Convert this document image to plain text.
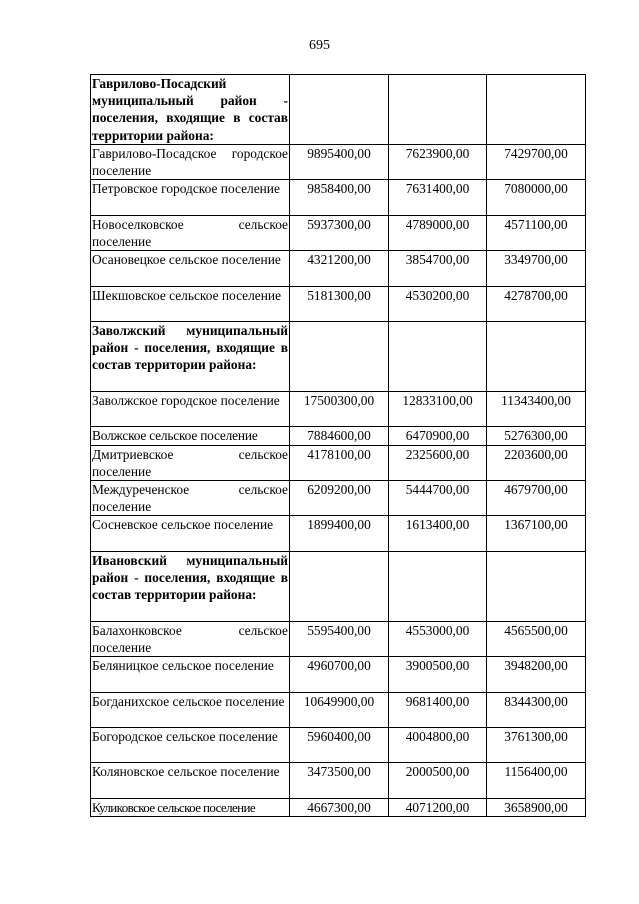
695
Гаврилово-Посадский муниципальный район - поселения, входящие в состав территории района:			
Гаврилово-Посадское городское поселение	9895400,00	7623900,00	7429700,00
Петровское городское поселение	9858400,00	7631400,00	7080000,00
Новоселковское сельское поселение	5937300,00	4789000,00	4571100,00
Осановецкое сельское поселение	4321200,00	3854700,00	3349700,00
Шекшовское сельское поселение	5181300,00	4530200,00	4278700,00
Заволжский муниципальный район - поселения, входящие в состав территории района:			
Заволжское городское поселение	17500300,00	12833100,00	11343400,00
Волжское сельское поселение	7884600,00	6470900,00	5276300,00
Дмитриевское сельское поселение	4178100,00	2325600,00	2203600,00
Междуреченское сельское поселение	6209200,00	5444700,00	4679700,00
Сосневское сельское поселение	1899400,00	1613400,00	1367100,00
Ивановский муниципальный район - поселения, входящие в состав территории района:			
Балахонковское сельское поселение	5595400,00	4553000,00	4565500,00
Беляницкое сельское поселение	4960700,00	3900500,00	3948200,00
Богданихское сельское поселение	10649900,00	9681400,00	8344300,00
Богородское сельское поселение	5960400,00	4004800,00	3761300,00
Коляновское сельское поселение	3473500,00	2000500,00	1156400,00
Куликовское сельское поселение	4667300,00	4071200,00	3658900,00
